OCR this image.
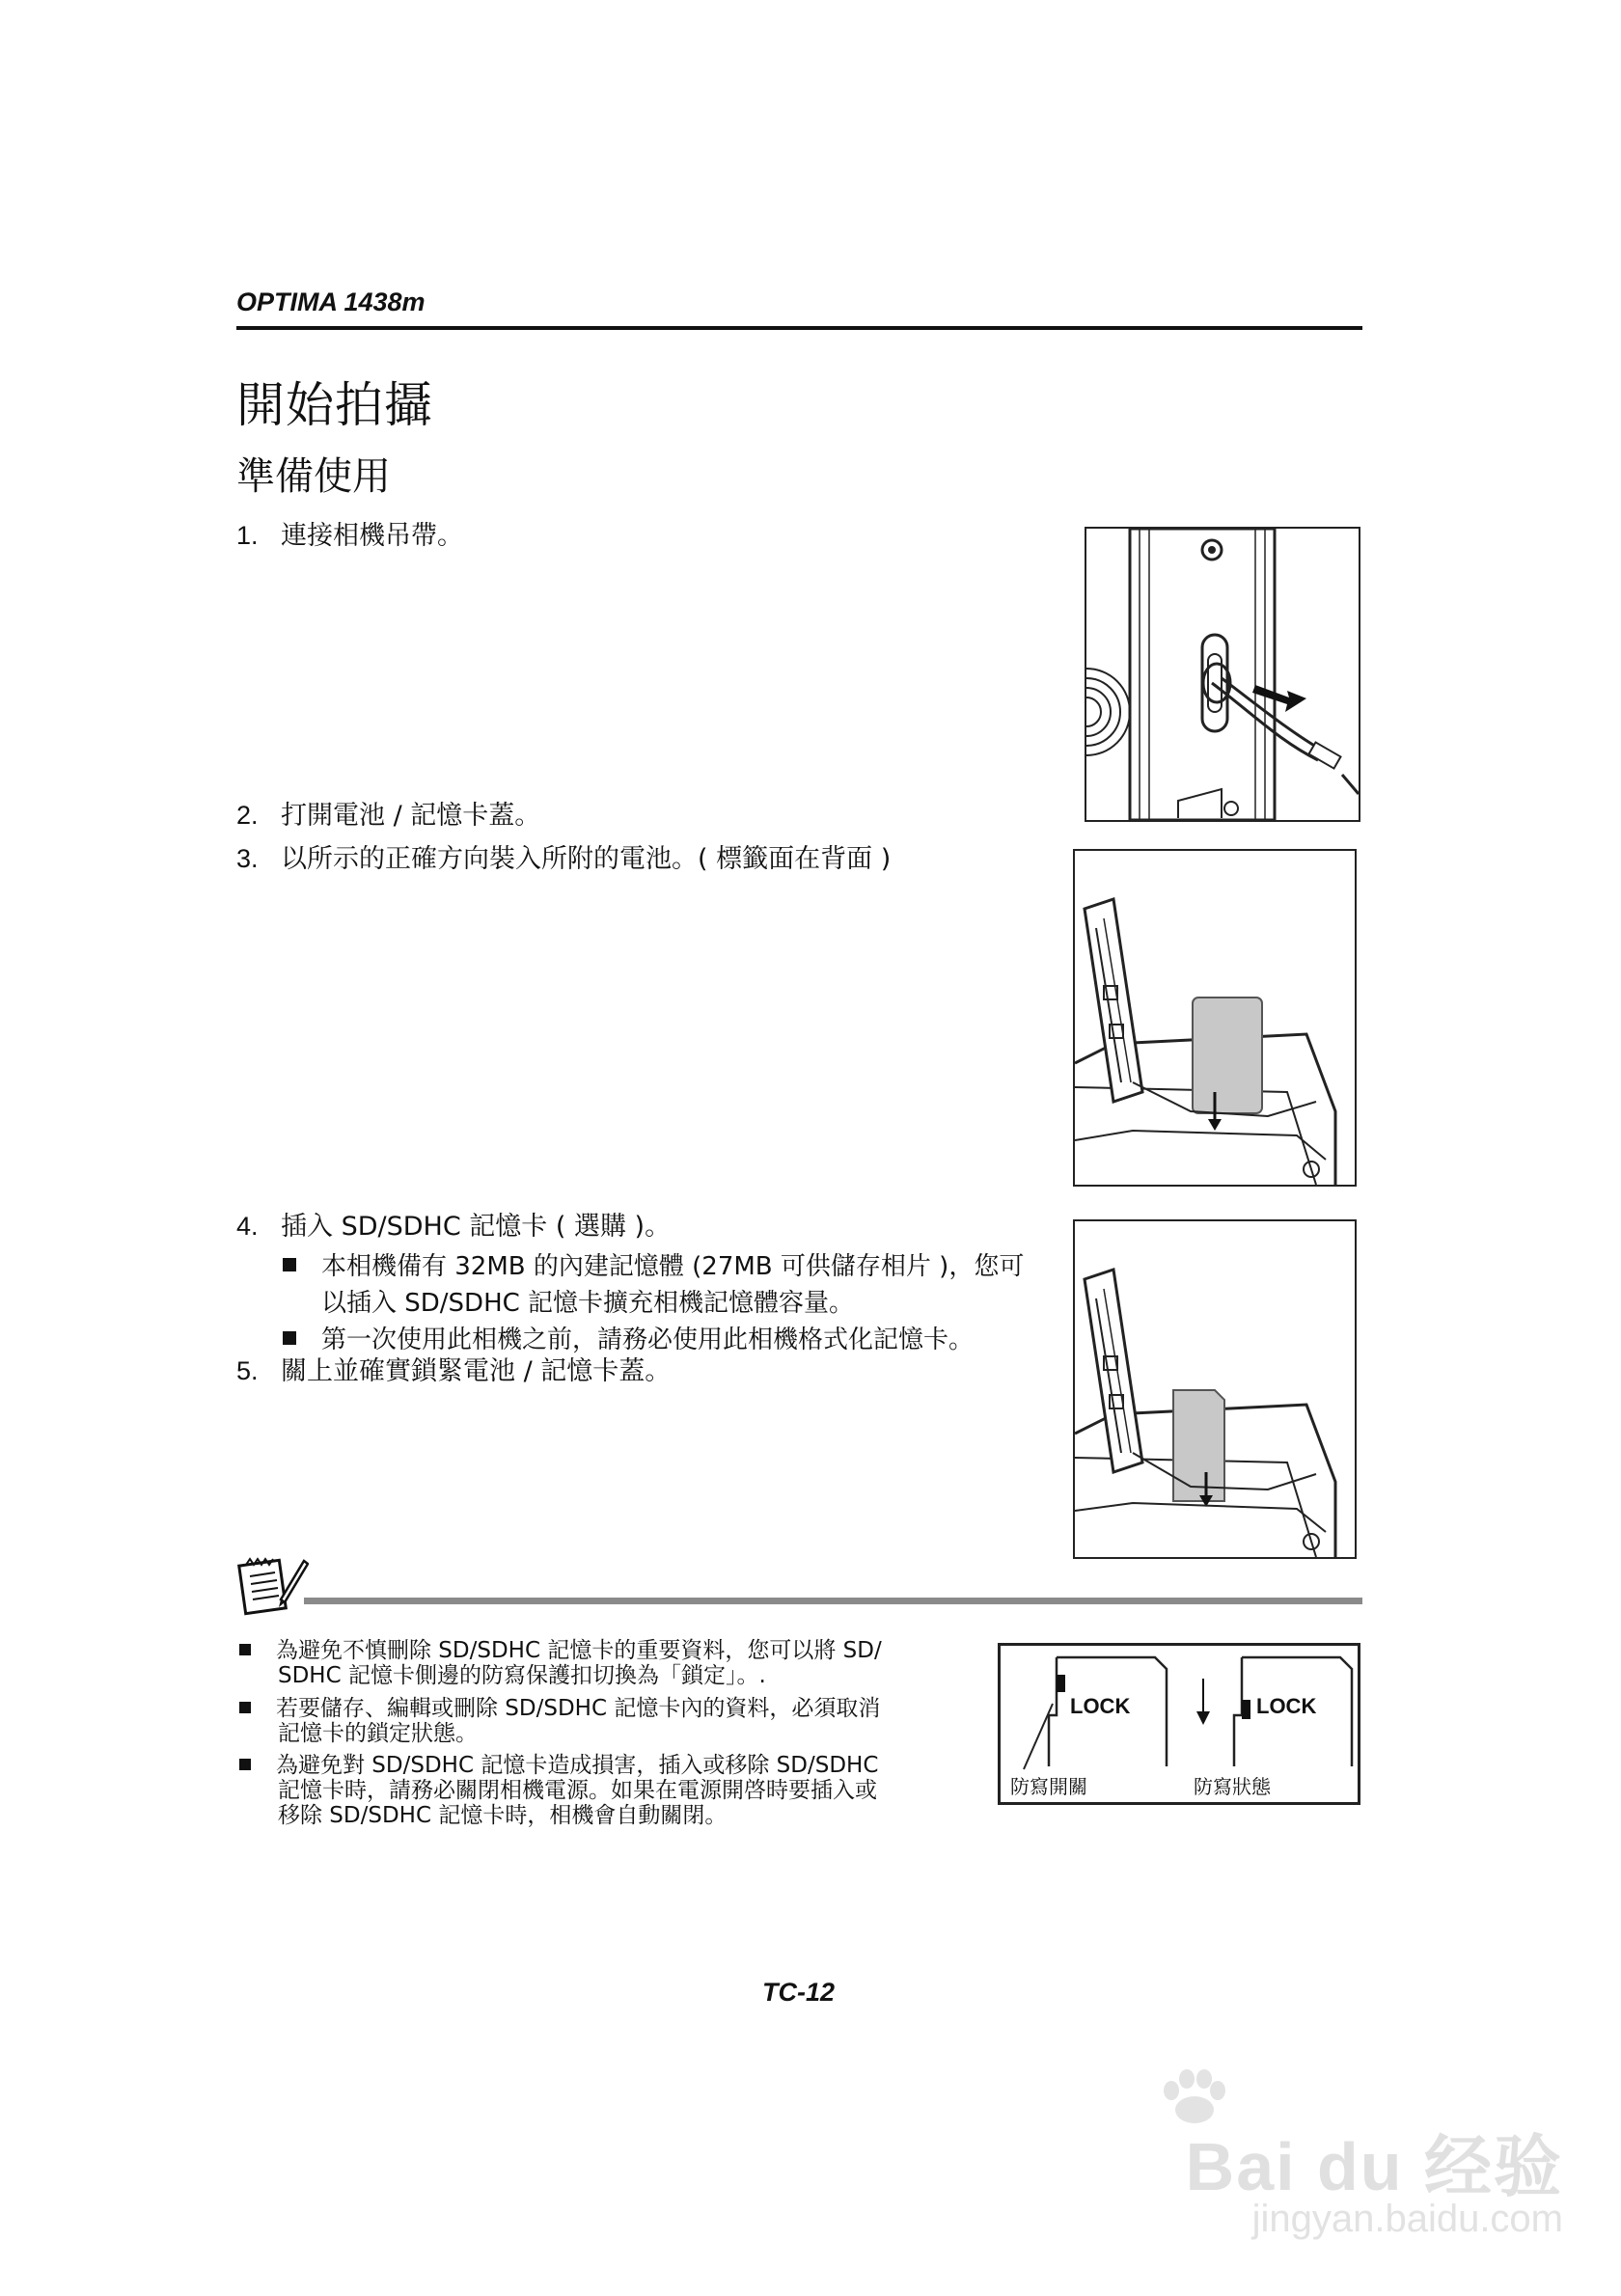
OPTIMA 1438m
開始拍攝
準備使用
1. 連接相機吊帶。
2. 打開電池 / 記憶卡蓋。
3. 以所示的正確方向裝入所附的電池。( 標籤面在背面 )
4. 插入 SD/SDHC 記憶卡 ( 選購 )。
本相機備有 32MB 的內建記憶體 (27MB 可供儲存相片 )，您可
以插入 SD/SDHC 記憶卡擴充相機記憶體容量。
第一次使用此相機之前，請務必使用此相機格式化記憶卡。
5. 關上並確實鎖緊電池 / 記憶卡蓋。
為避免不慎刪除 SD/SDHC 記憶卡的重要資料，您可以將 SD/
SDHC 記憶卡側邊的防寫保護扣切換為「鎖定」。.
若要儲存、編輯或刪除 SD/SDHC 記憶卡內的資料，必須取消
記憶卡的鎖定狀態。
為避免對 SD/SDHC 記憶卡造成損害，插入或移除 SD/SDHC
記憶卡時，請務必關閉相機電源。如果在電源開啓時要插入或
移除 SD/SDHC 記憶卡時，相機會自動關閉。
LOCK	LOCK
防寫開關	防寫狀態
TC-12
Bai du 经验
jingyan.baidu.com
